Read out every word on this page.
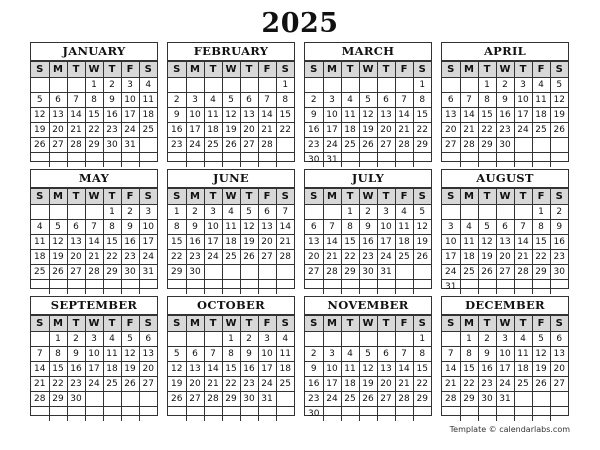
2025
JANUARY
S	M	T	W	T	F	S
			1	2	3	4
5	6	7	8	9	10	11
12	13	14	15	16	17	18
19	20	21	22	23	24	25
26	27	28	29	30	31	

FEBRUARY
S	M	T	W	T	F	S
						1
2	3	4	5	6	7	8
9	10	11	12	13	14	15
16	17	18	19	20	21	22
23	24	25	26	27	28	

MARCH
S	M	T	W	T	F	S
						1
2	3	4	5	6	7	8
9	10	11	12	13	14	15
16	17	18	19	20	21	22
23	24	25	26	27	28	29
30	31					
APRIL
S	M	T	W	T	F	S
		1	2	3	4	5
6	7	8	9	10	11	12
13	14	15	16	17	18	19
20	21	22	23	24	25	26
27	28	29	30			

MAY
S	M	T	W	T	F	S
				1	2	3
4	5	6	7	8	9	10
11	12	13	14	15	16	17
18	19	20	21	22	23	24
25	26	27	28	29	30	31

JUNE
S	M	T	W	T	F	S
1	2	3	4	5	6	7
8	9	10	11	12	13	14
15	16	17	18	19	20	21
22	23	24	25	26	27	28
29	30					

JULY
S	M	T	W	T	F	S
		1	2	3	4	5
6	7	8	9	10	11	12
13	14	15	16	17	18	19
20	21	22	23	24	25	26
27	28	29	30	31		

AUGUST
S	M	T	W	T	F	S
					1	2
3	4	5	6	7	8	9
10	11	12	13	14	15	16
17	18	19	20	21	22	23
24	25	26	27	28	29	30
31						
SEPTEMBER
S	M	T	W	T	F	S
	1	2	3	4	5	6
7	8	9	10	11	12	13
14	15	16	17	18	19	20
21	22	23	24	25	26	27
28	29	30				

OCTOBER
S	M	T	W	T	F	S
			1	2	3	4
5	6	7	8	9	10	11
12	13	14	15	16	17	18
19	20	21	22	23	24	25
26	27	28	29	30	31	

NOVEMBER
S	M	T	W	T	F	S
						1
2	3	4	5	6	7	8
9	10	11	12	13	14	15
16	17	18	19	20	21	22
23	24	25	26	27	28	29
30						
DECEMBER
S	M	T	W	T	F	S
	1	2	3	4	5	6
7	8	9	10	11	12	13
14	15	16	17	18	19	20
21	22	23	24	25	26	27
28	29	30	31			

Template © calendarlabs.com
